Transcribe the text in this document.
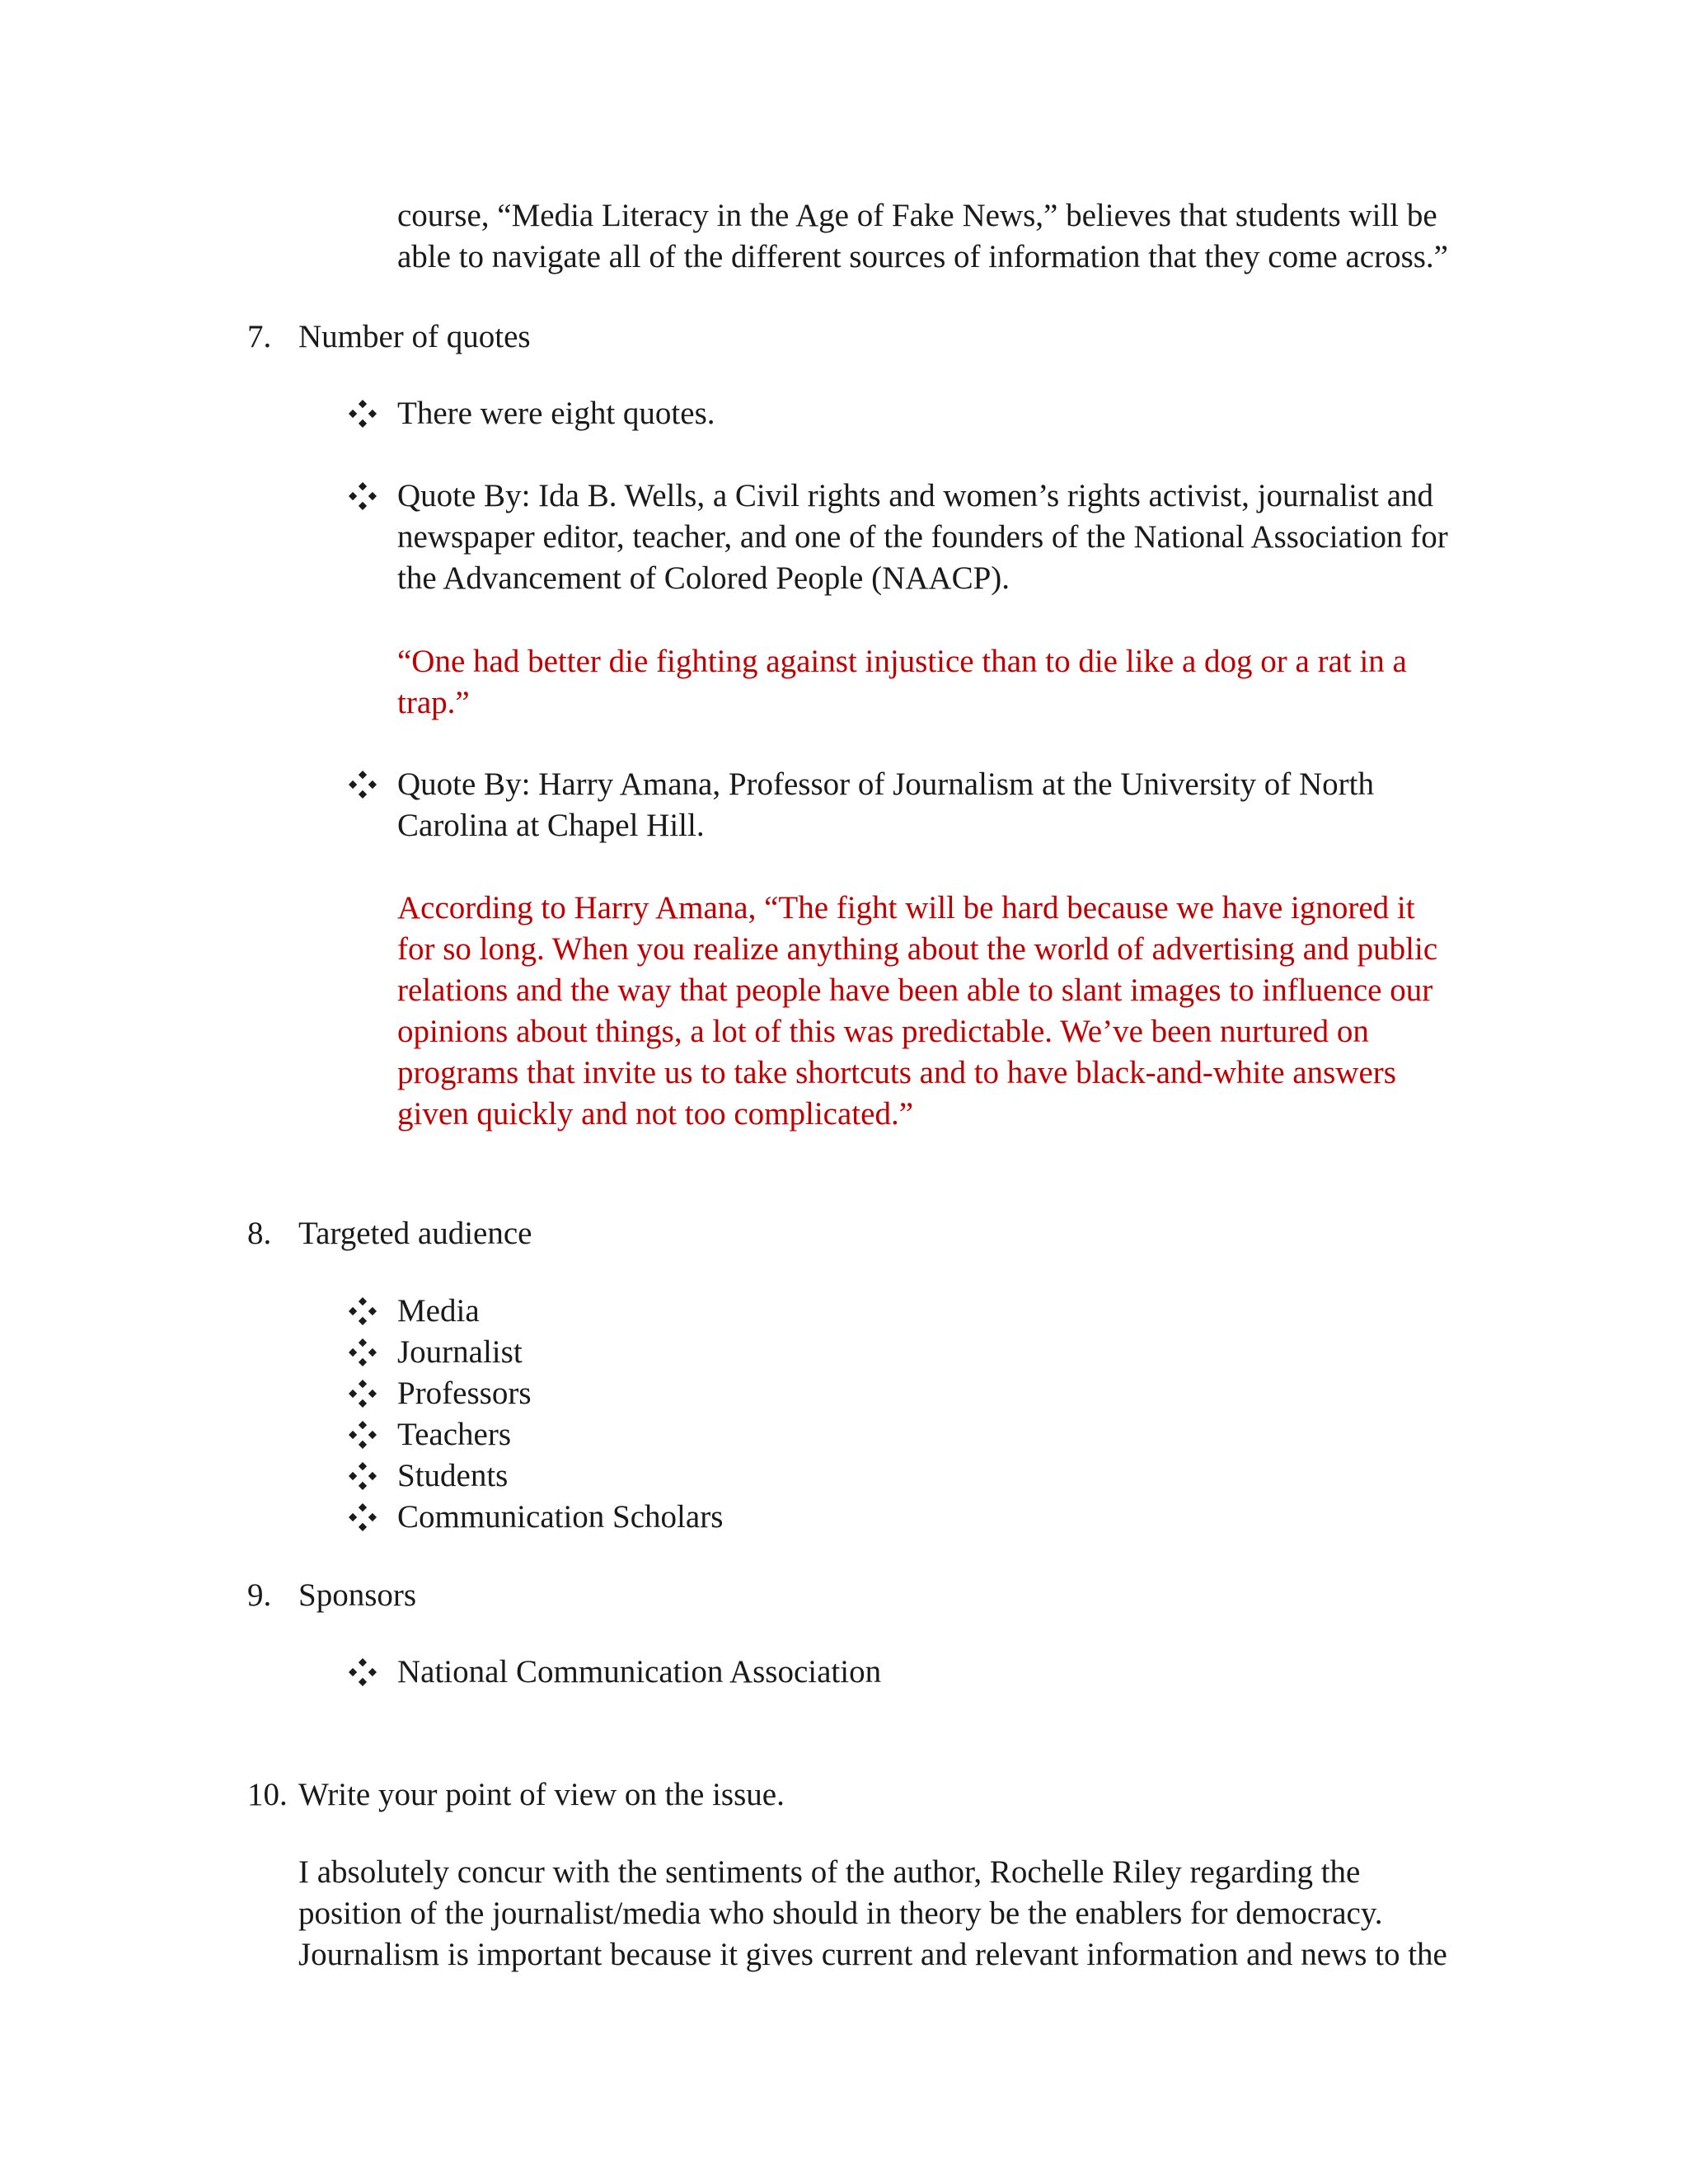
course, “Media Literacy in the Age of Fake News,” believes that students will be
able to navigate all of the different sources of information that they come across.”
7. Number of quotes
There were eight quotes.
Quote By: Ida B. Wells, a Civil rights and women’s rights activist, journalist and
newspaper editor, teacher, and one of the founders of the National Association for
the Advancement of Colored People (NAACP).
“One had better die fighting against injustice than to die like a dog or a rat in a
trap.”
Quote By: Harry Amana, Professor of Journalism at the University of North
Carolina at Chapel Hill.
According to Harry Amana, “The fight will be hard because we have ignored it
for so long. When you realize anything about the world of advertising and public
relations and the way that people have been able to slant images to influence our
opinions about things, a lot of this was predictable. We’ve been nurtured on
programs that invite us to take shortcuts and to have black-and-white answers
given quickly and not too complicated.”
8. Targeted audience
Media
Journalist
Professors
Teachers
Students
Communication Scholars
9. Sponsors
National Communication Association
10. Write your point of view on the issue.
I absolutely concur with the sentiments of the author, Rochelle Riley regarding the
position of the journalist/media who should in theory be the enablers for democracy.
Journalism is important because it gives current and relevant information and news to the
